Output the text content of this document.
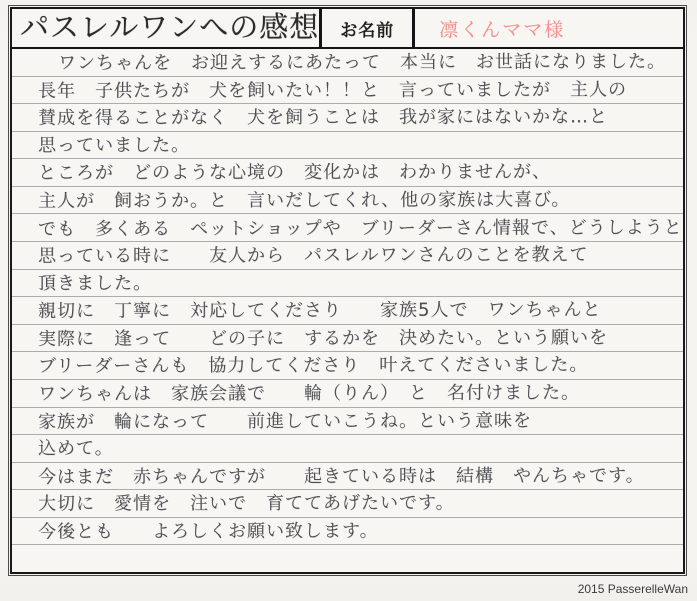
パスレルワンへの感想 お名前 凛くんママ様
ワンちゃんを　お迎えするにあたって　本当に　お世話になりました。
長年　子供たちが　犬を飼いたい！！と　言っていましたが　主人の
賛成を得ることがなく　犬を飼うことは　我が家にはないかな…と
思っていました。
ところが　どのような心境の　変化かは　わかりませんが、
主人が　飼おうか。と　言いだしてくれ、他の家族は大喜び。
でも　多くある　ペットショップや　ブリーダーさん情報で、どうしようと
思っている時に　　友人から　パスレルワンさんのことを教えて
頂きました。
親切に　丁寧に　対応してくださり　　家族5人で　ワンちゃんと
実際に　逢って　　どの子に　するかを　決めたい。という願いを
ブリーダーさんも　協力してくださり　叶えてくださいました。
ワンちゃんは　家族会議で　　輪（りん）　と　名付けました。
家族が　輪になって　　前進していこうね。という意味を
込めて。
今はまだ　赤ちゃんですが　　起きている時は　結構　やんちゃです。
大切に　愛情を　注いで　育ててあげたいです。
今後とも　　よろしくお願い致します。
2015 PasserelleWan
